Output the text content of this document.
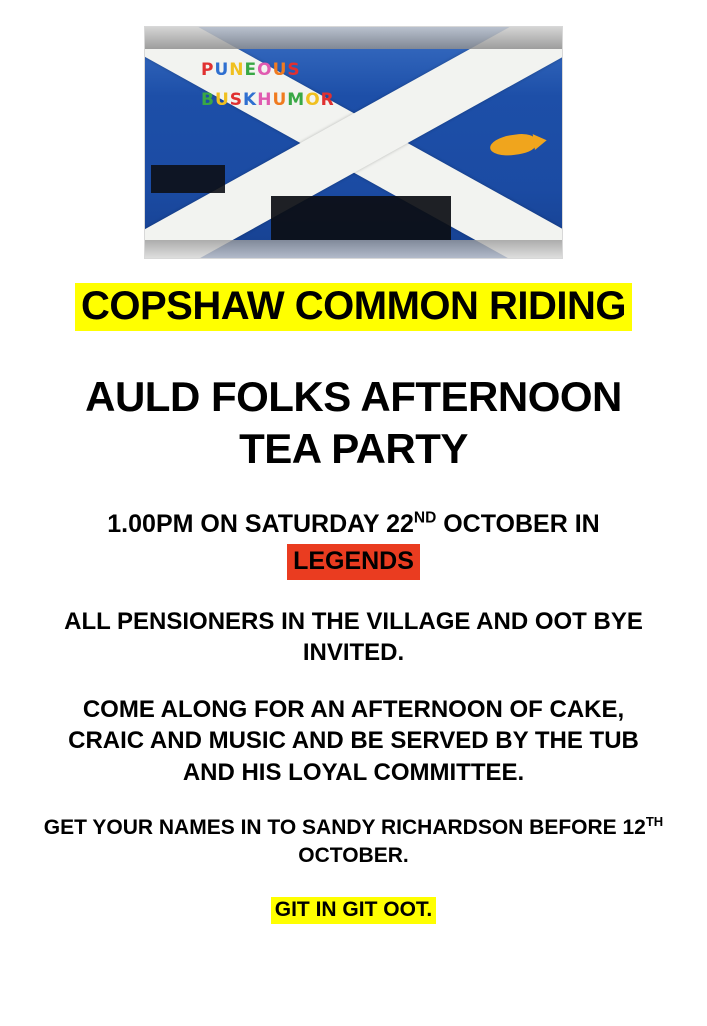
PUNEOUS
BUSKHUMOR
COPSHAW COMMON RIDING
AULD FOLKS AFTERNOON TEA PARTY
1.00PM ON SATURDAY 22ND OCTOBER IN
LEGENDS
ALL PENSIONERS IN THE VILLAGE AND OOT BYE INVITED.
COME ALONG FOR AN AFTERNOON OF CAKE, CRAIC AND MUSIC AND BE SERVED BY THE TUB AND HIS LOYAL COMMITTEE.
GET YOUR NAMES IN TO SANDY RICHARDSON BEFORE 12TH OCTOBER.
GIT IN GIT OOT.
